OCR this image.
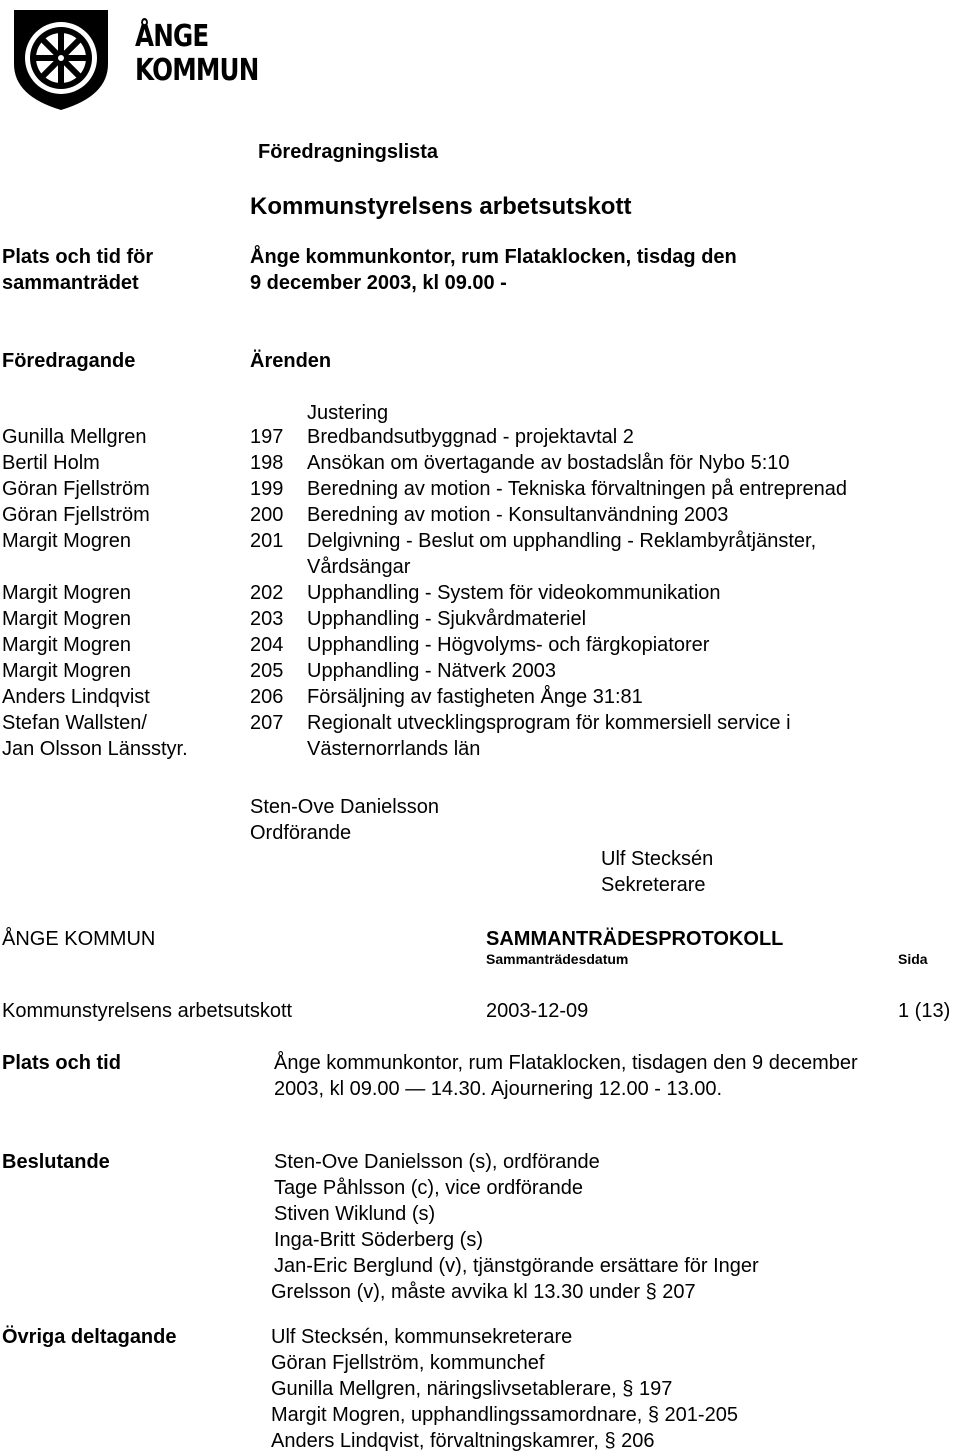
ÅNGE
KOMMUN
Föredragningslista
Kommunstyrelsens arbetsutskott
Plats och tid för
sammanträdet
Ånge kommunkontor, rum Flataklocken, tisdag den
9 december 2003, kl 09.00 -
Föredragande	Ärenden
Justering
Gunilla Mellgren	197 Bredbandsutbyggnad - projektavtal 2
Bertil Holm	198 Ansökan om övertagande av bostadslån för Nybo 5:10
Göran Fjellström	199 Beredning av motion - Tekniska förvaltningen på entreprenad
Göran Fjellström	200 Beredning av motion - Konsultanvändning 2003
Margit Mogren	201 Delgivning - Beslut om upphandling - Reklambyråtjänster,
Vårdsängar
Margit Mogren	202 Upphandling - System för videokommunikation
Margit Mogren	203 Upphandling - Sjukvårdmateriel
Margit Mogren	204 Upphandling - Högvolyms- och färgkopiatorer
Margit Mogren	205 Upphandling - Nätverk 2003
Anders Lindqvist	206 Försäljning av fastigheten Ånge 31:81
Stefan Wallsten/	207 Regionalt utvecklingsprogram för kommersiell service i
Jan Olsson Länsstyr.	Västernorrlands län
Sten-Ove Danielsson
Ordförande
Ulf Stecksén
Sekreterare
ÅNGE KOMMUN	SAMMANTRÄDESPROTOKOLL
Sammanträdesdatum	Sida
Kommunstyrelsens arbetsutskott	2003-12-09	1 (13)
Plats och tid	Ånge kommunkontor, rum Flataklocken, tisdagen den 9 december
2003, kl 09.00 — 14.30. Ajournering 12.00 - 13.00.
Beslutande	Sten-Ove Danielsson (s), ordförande
Tage Påhlsson (c), vice ordförande
Stiven Wiklund (s)
Inga-Britt Söderberg (s)
Jan-Eric Berglund (v), tjänstgörande ersättare för Inger
Grelsson (v), måste avvika kl 13.30 under § 207
Övriga deltagande	Ulf Stecksén, kommunsekreterare
Göran Fjellström, kommunchef
Gunilla Mellgren, näringslivsetablerare, § 197
Margit Mogren, upphandlingssamordnare, § 201-205
Anders Lindqvist, förvaltningskamrer, § 206
